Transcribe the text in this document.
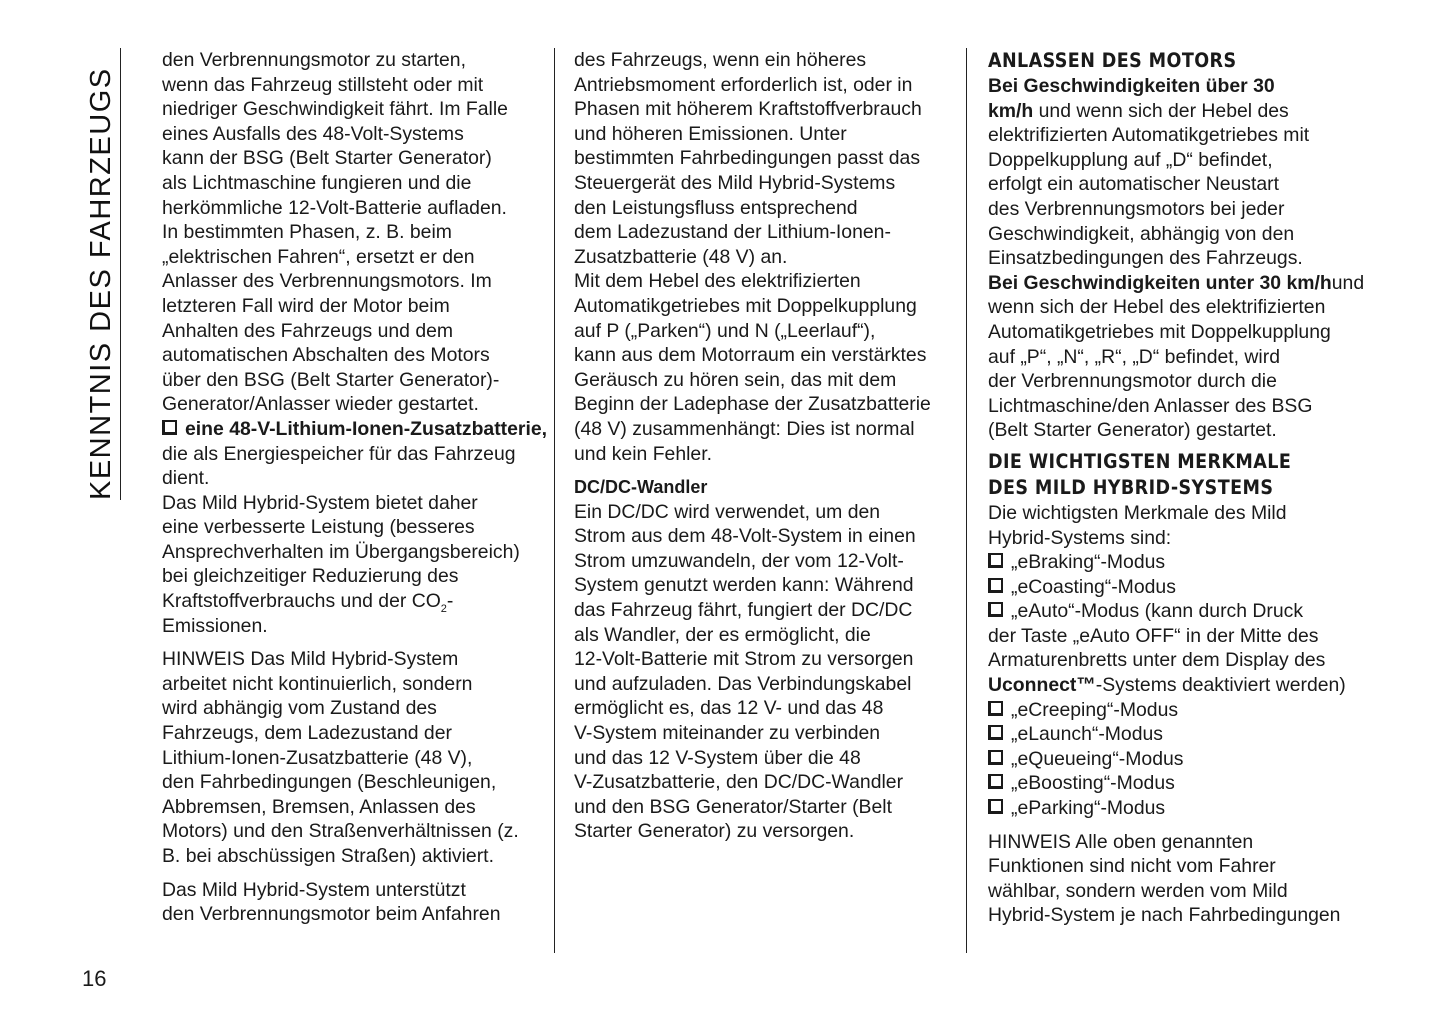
KENNTNIS DES FAHRZEUGS
den Verbrennungsmotor zu starten,
wenn das Fahrzeug stillsteht oder mit
niedriger Geschwindigkeit fährt. Im Falle
eines Ausfalls des 48-Volt-Systems
kann der BSG (Belt Starter Generator)
als Lichtmaschine fungieren und die
herkömmliche 12-Volt-Batterie aufladen.
In bestimmten Phasen, z. B. beim
„elektrischen Fahren“, ersetzt er den
Anlasser des Verbrennungsmotors. Im
letzteren Fall wird der Motor beim
Anhalten des Fahrzeugs und dem
automatischen Abschalten des Motors
über den BSG (Belt Starter Generator)-
Generator/Anlasser wieder gestartet.
eine 48-V-Lithium-Ionen-Zusatzbatterie,
die als Energiespeicher für das Fahrzeug
dient.
Das Mild Hybrid-System bietet daher
eine verbesserte Leistung (besseres
Ansprechverhalten im Übergangsbereich)
bei gleichzeitiger Reduzierung des
Kraftstoffverbrauchs und der $CO_2-$
Emissionen.
HINWEIS Das Mild Hybrid-System
arbeitet nicht kontinuierlich, sondern
wird abhängig vom Zustand des
Fahrzeugs, dem Ladezustand der
Lithium-Ionen-Zusatzbatterie (48 V),
den Fahrbedingungen (Beschleunigen,
Abbremsen, Bremsen, Anlassen des
Motors) und den Straßenverhältnissen (z.
B. bei abschüssigen Straßen) aktiviert.
Das Mild Hybrid-System unterstützt
den Verbrennungsmotor beim Anfahren
des Fahrzeugs, wenn ein höheres
Antriebsmoment erforderlich ist, oder in
Phasen mit höherem Kraftstoffverbrauch
und höheren Emissionen. Unter
bestimmten Fahrbedingungen passt das
Steuergerät des Mild Hybrid-Systems
den Leistungsfluss entsprechend
dem Ladezustand der Lithium-Ionen-
Zusatzbatterie (48 V) an.
Mit dem Hebel des elektrifizierten
Automatikgetriebes mit Doppelkupplung
auf P („Parken“) und N („Leerlauf“),
kann aus dem Motorraum ein verstärktes
Geräusch zu hören sein, das mit dem
Beginn der Ladephase der Zusatzbatterie
(48 V) zusammenhängt: Dies ist normal
und kein Fehler.
DC/DC-Wandler
Ein DC/DC wird verwendet, um den
Strom aus dem 48-Volt-System in einen
Strom umzuwandeln, der vom 12-Volt-
System genutzt werden kann: Während
das Fahrzeug fährt, fungiert der DC/DC
als Wandler, der es ermöglicht, die
12-Volt-Batterie mit Strom zu versorgen
und aufzuladen. Das Verbindungskabel
ermöglicht es, das 12 V- und das 48
V-System miteinander zu verbinden
und das 12 V-System über die 48
V-Zusatzbatterie, den DC/DC-Wandler
und den BSG Generator/Starter (Belt
Starter Generator) zu versorgen.
ANLASSEN DES MOTORS
Bei Geschwindigkeiten über 30
km/h und wenn sich der Hebel des
elektrifizierten Automatikgetriebes mit
Doppelkupplung auf „D“ befindet,
erfolgt ein automatischer Neustart
des Verbrennungsmotors bei jeder
Geschwindigkeit, abhängig von den
Einsatzbedingungen des Fahrzeugs.
Bei Geschwindigkeiten unter 30 km/hund
wenn sich der Hebel des elektrifizierten
Automatikgetriebes mit Doppelkupplung
auf „P“, „N“, „R“, „D“ befindet, wird
der Verbrennungsmotor durch die
Lichtmaschine/den Anlasser des BSG
(Belt Starter Generator) gestartet.
DIE WICHTIGSTEN MERKMALE
DES MILD HYBRID-SYSTEMS
Die wichtigsten Merkmale des Mild
Hybrid-Systems sind:
„eBraking“-Modus
„eCoasting“-Modus
„eAuto“-Modus (kann durch Druck
der Taste „eAuto OFF“ in der Mitte des
Armaturenbretts unter dem Display des
Uconnect™-Systems deaktiviert werden)
„eCreeping“-Modus
„eLaunch“-Modus
„eQueueing“-Modus
„eBoosting“-Modus
„eParking“-Modus
HINWEIS Alle oben genannten
Funktionen sind nicht vom Fahrer
wählbar, sondern werden vom Mild
Hybrid-System je nach Fahrbedingungen
16
